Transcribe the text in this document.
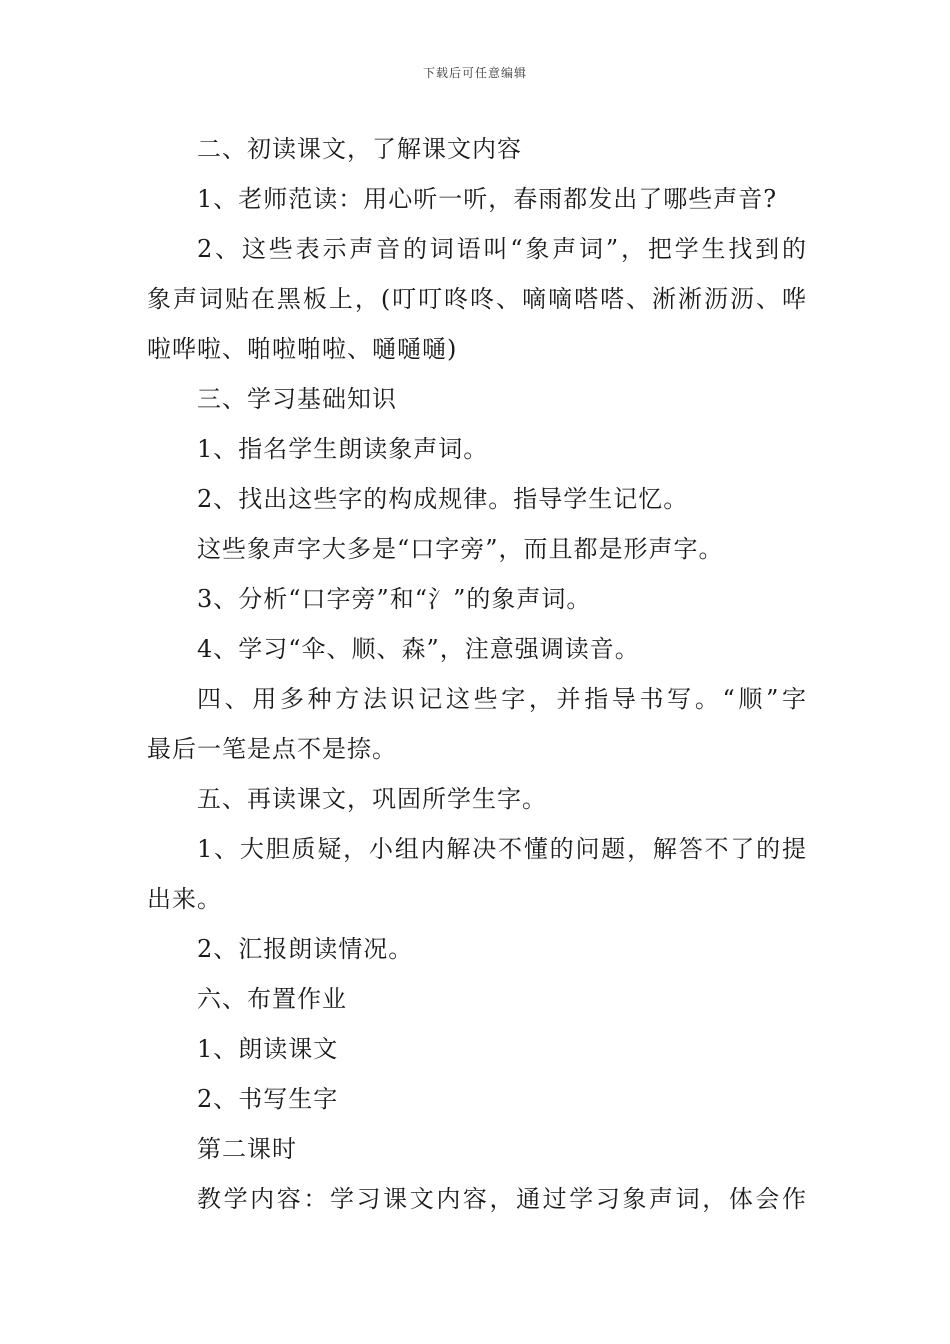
下载后可任意编辑
二、初读课文，了解课文内容
1、老师范读：用心听一听，春雨都发出了哪些声音?
2、这些表示声音的词语叫“象声词”，把学生找到的
象声词贴在黑板上，(叮叮咚咚、嘀嘀嗒嗒、淅淅沥沥、哗
啦哗啦、啪啦啪啦、嗵嗵嗵)
三、学习基础知识
1、指名学生朗读象声词。
2、找出这些字的构成规律。指导学生记忆。
这些象声字大多是“口字旁”，而且都是形声字。
3、分析“口字旁”和“氵”的象声词。
4、学习“伞、顺、森”，注意强调读音。
四、用多种方法识记这些字，并指导书写。“顺”字
最后一笔是点不是捺。
五、再读课文，巩固所学生字。
1、大胆质疑，小组内解决不懂的问题，解答不了的提
出来。
2、汇报朗读情况。
六、布置作业
1、朗读课文
2、书写生字
第二课时
教学内容：学习课文内容，通过学习象声词，体会作
